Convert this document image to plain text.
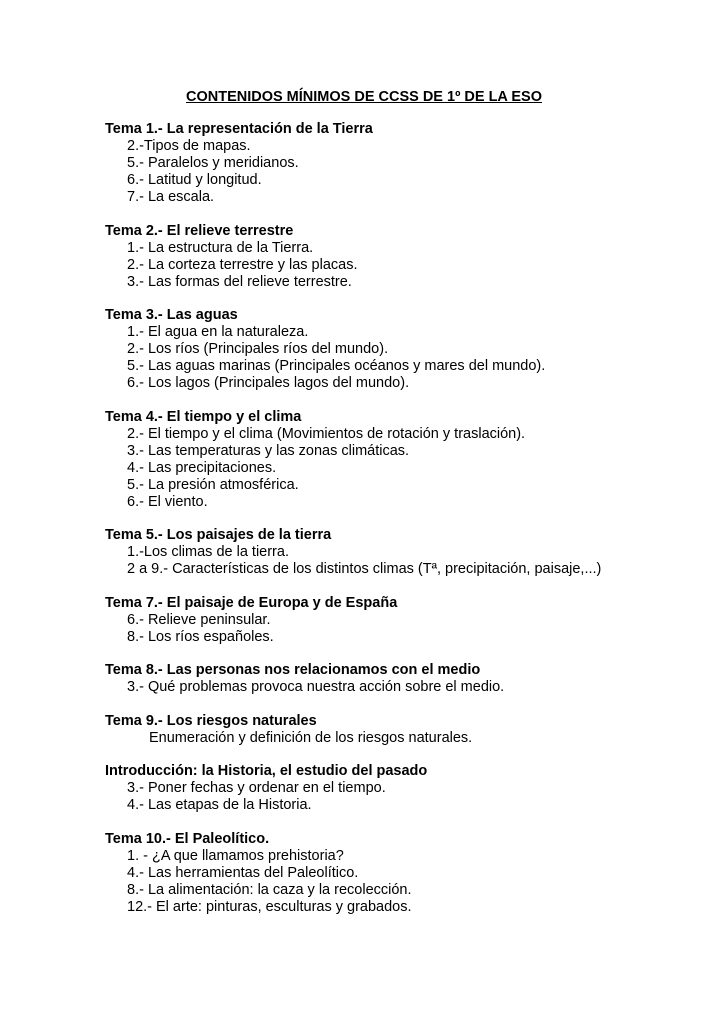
CONTENIDOS MÍNIMOS DE CCSS DE 1º DE LA ESO
Tema 1.- La representación de la Tierra
2.-Tipos de mapas.
5.- Paralelos y meridianos.
6.- Latitud y longitud.
7.- La escala.
Tema 2.- El relieve terrestre
1.- La estructura de la Tierra.
2.- La corteza terrestre y las placas.
3.- Las formas del relieve terrestre.
Tema 3.- Las aguas
1.- El agua en la naturaleza.
2.- Los ríos (Principales ríos del mundo).
5.- Las aguas marinas (Principales océanos y mares del mundo).
6.- Los lagos (Principales lagos del mundo).
Tema 4.- El tiempo y el clima
2.- El tiempo y el clima (Movimientos de rotación y traslación).
3.- Las temperaturas y las zonas climáticas.
4.- Las precipitaciones.
5.- La presión atmosférica.
6.- El viento.
Tema 5.- Los paisajes de la tierra
1.-Los climas de la tierra.
2 a 9.- Características de los distintos climas (Tª, precipitación, paisaje,...)
Tema 7.- El paisaje de Europa y de España
6.- Relieve peninsular.
8.- Los ríos españoles.
Tema 8.- Las personas nos relacionamos con el medio
3.- Qué problemas provoca nuestra acción sobre el medio.
Tema 9.- Los riesgos naturales
Enumeración y definición de los riesgos naturales.
Introducción: la Historia, el estudio del pasado
3.- Poner fechas y ordenar en el tiempo.
4.- Las etapas de la Historia.
Tema 10.- El Paleolítico.
1. - ¿A que llamamos prehistoria?
4.- Las herramientas del Paleolítico.
8.- La alimentación: la caza y la recolección.
12.- El arte: pinturas, esculturas y grabados.
